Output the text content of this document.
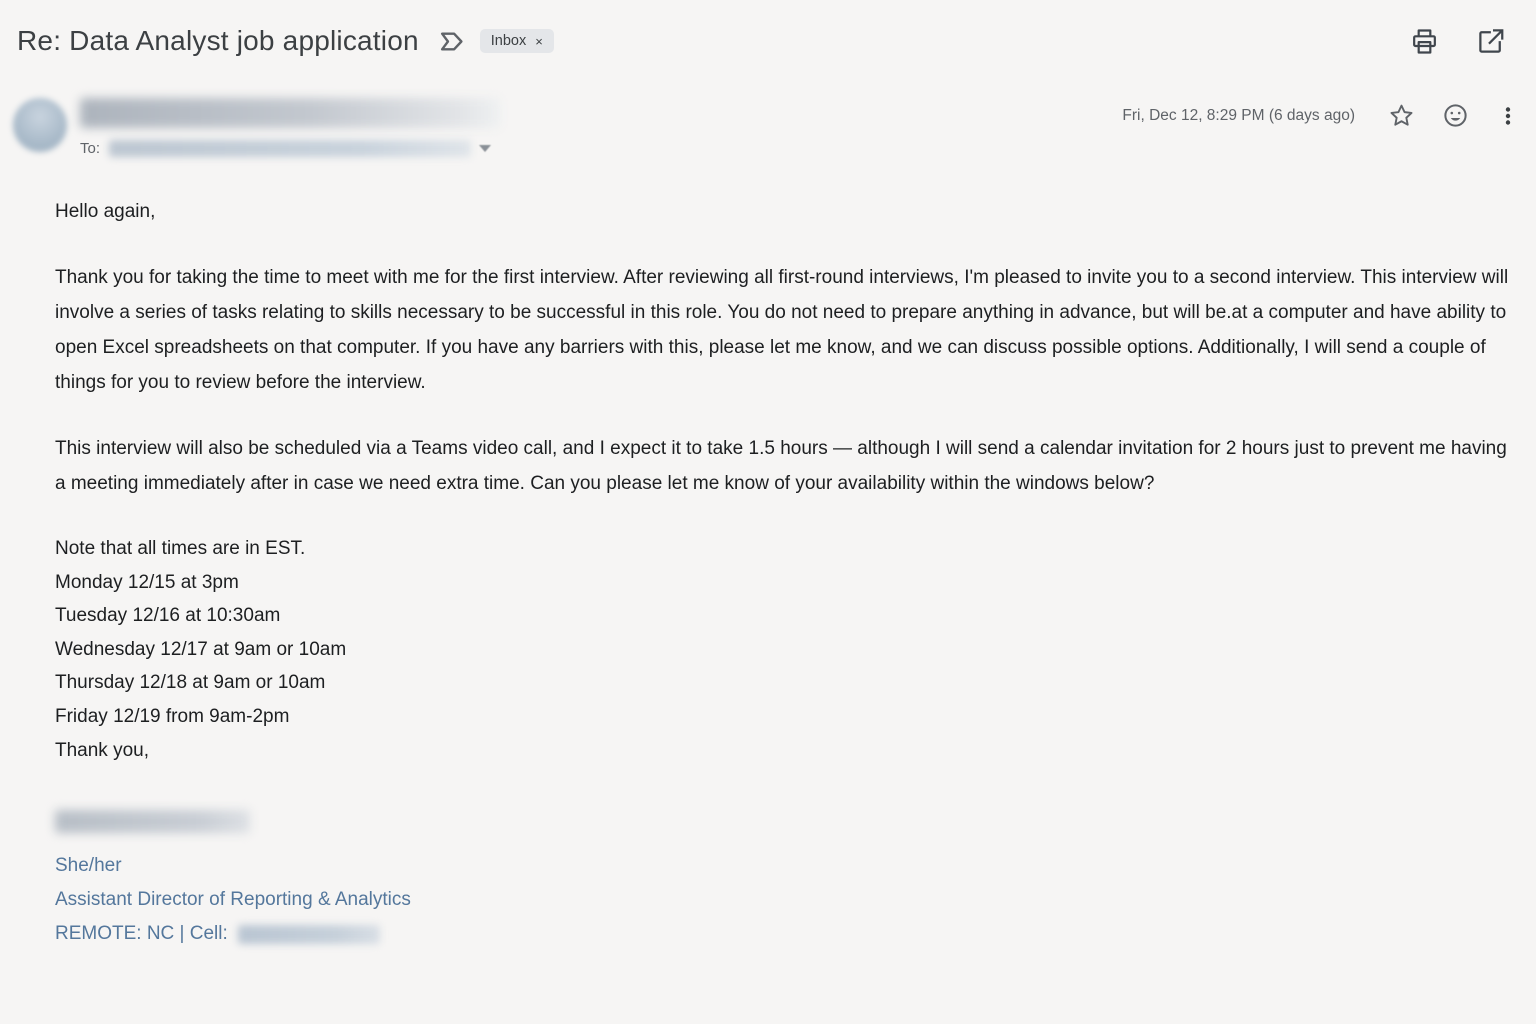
Re: Data Analyst job application	Inbox ×
To:
Fri, Dec 12, 8:29 PM (6 days ago)

Hello again,

Thank you for taking the time to meet with me for the first interview. After reviewing all first-round interviews, I'm pleased to invite you to a second interview. This interview will involve a series of tasks relating to skills necessary to be successful in this role. You do not need to prepare anything in advance, but will be.at a computer and have ability to open Excel spreadsheets on that computer. If you have any barriers with this, please let me know, and we can discuss possible options. Additionally, I will send a couple of things for you to review before the interview.

This interview will also be scheduled via a Teams video call, and I expect it to take 1.5 hours — although I will send a calendar invitation for 2 hours just to prevent me having a meeting immediately after in case we need extra time. Can you please let me know of your availability within the windows below?

Note that all times are in EST.
Monday 12/15 at 3pm
Tuesday 12/16 at 10:30am
Wednesday 12/17 at 9am or 10am
Thursday 12/18 at 9am or 10am
Friday 12/19 from 9am-2pm

Thank you,

She/her
Assistant Director of Reporting & Analytics
REMOTE: NC | Cell:
